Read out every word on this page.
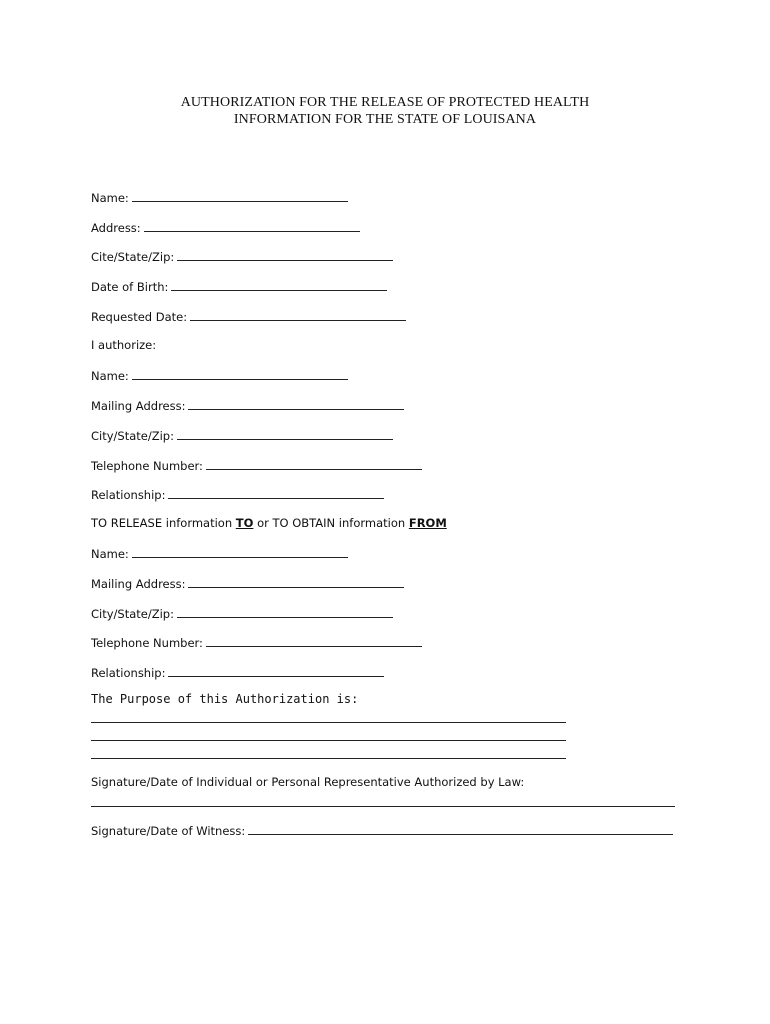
AUTHORIZATION FOR THE RELEASE OF PROTECTED HEALTH
INFORMATION FOR THE STATE OF LOUISANA
Name:
Address:
Cite/State/Zip:
Date of Birth:
Requested Date:
I authorize:
Name:
Mailing Address:
City/State/Zip:
Telephone Number:
Relationship:
TO RELEASE information TO or TO OBTAIN information FROM
Name:
Mailing Address:
City/State/Zip:
Telephone Number:
Relationship:
The Purpose of this Authorization is:
Signature/Date of Individual or Personal Representative Authorized by Law:
Signature/Date of Witness:
